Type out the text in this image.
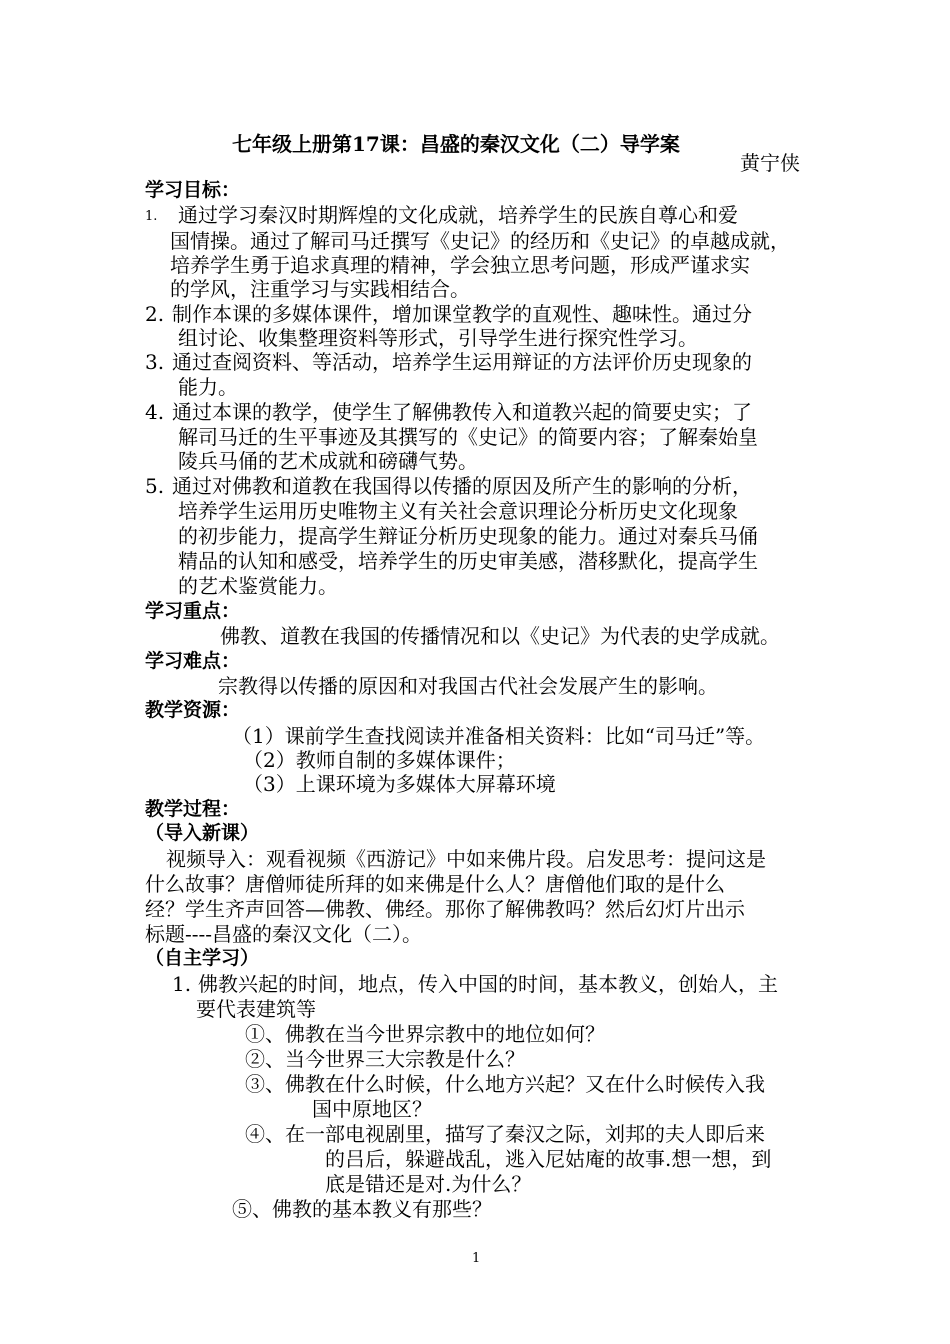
七年级上册第17课：昌盛的秦汉文化（二）导学案
黄宁侠
学习目标：
1. 通过学习秦汉时期辉煌的文化成就，培养学生的民族自尊心和爱
国情操。通过了解司马迁撰写《史记》的经历和《史记》的卓越成就，
培养学生勇于追求真理的精神，学会独立思考问题，形成严谨求实
的学风，注重学习与实践相结合。
2. 制作本课的多媒体课件，增加课堂教学的直观性、趣味性。通过分
组讨论、收集整理资料等形式，引导学生进行探究性学习。
3. 通过查阅资料、等活动，培养学生运用辩证的方法评价历史现象的
能力。
4. 通过本课的教学，使学生了解佛教传入和道教兴起的简要史实；了
解司马迁的生平事迹及其撰写的《史记》的简要内容；了解秦始皇
陵兵马俑的艺术成就和磅礴气势。
5. 通过对佛教和道教在我国得以传播的原因及所产生的影响的分析，
培养学生运用历史唯物主义有关社会意识理论分析历史文化现象
的初步能力，提高学生辩证分析历史现象的能力。通过对秦兵马俑
精品的认知和感受，培养学生的历史审美感，潜移默化，提高学生
的艺术鉴赏能力。
学习重点：
佛教、道教在我国的传播情况和以《史记》为代表的史学成就。
学习难点：
宗教得以传播的原因和对我国古代社会发展产生的影响。
教学资源：
（1）课前学生查找阅读并准备相关资料：比如“司马迁”等。
（2）教师自制的多媒体课件；
（3）上课环境为多媒体大屏幕环境
教学过程：
（导入新课）
视频导入：观看视频《西游记》中如来佛片段。启发思考：提问这是
什么故事？唐僧师徒所拜的如来佛是什么人？唐僧他们取的是什么
经？学生齐声回答—佛教、佛经。那你了解佛教吗？然后幻灯片出示
标题----昌盛的秦汉文化（二）。
（自主学习）
1. 佛教兴起的时间，地点，传入中国的时间，基本教义，创始人，主
要代表建筑等
①、佛教在当今世界宗教中的地位如何？
②、当今世界三大宗教是什么？
③、佛教在什么时候，什么地方兴起？又在什么时候传入我
国中原地区？
④、在一部电视剧里，描写了秦汉之际，刘邦的夫人即后来
的吕后，躲避战乱，逃入尼姑庵的故事.想一想，到
底是错还是对.为什么？
⑤、佛教的基本教义有那些？
1
